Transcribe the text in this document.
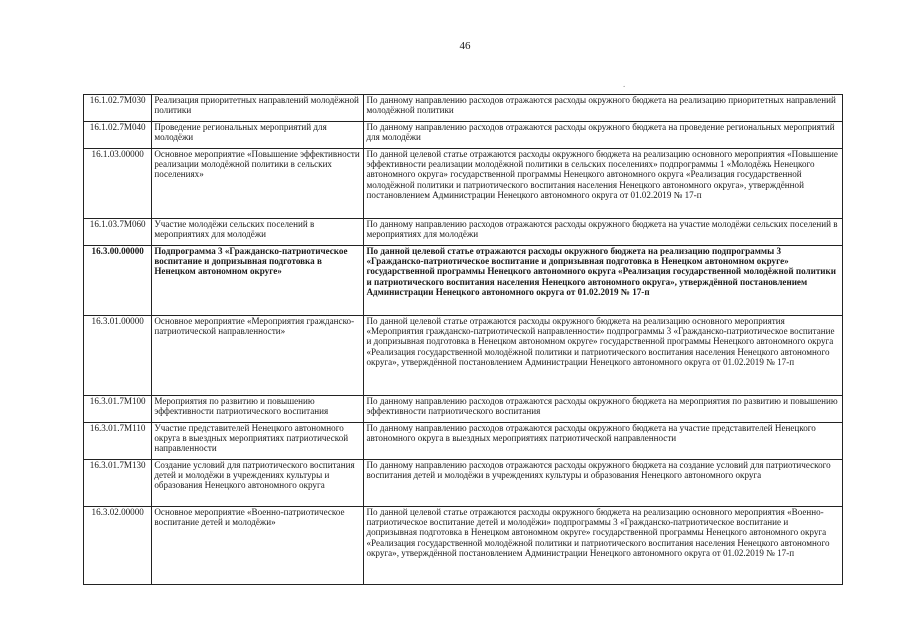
46
.
16.1.02.7М030	Реализация приоритетных направлений молодёжной политики	По данному направлению расходов отражаются расходы окружного бюджета на реализацию приоритетных направлений молодёжной политики
16.1.02.7М040	Проведение региональных мероприятий для молодёжи	По данному направлению расходов отражаются расходы окружного бюджета на проведение региональных мероприятий для молодёжи
16.1.03.00000	Основное мероприятие «Повышение эффективности реализации молодёжной политики в сельских поселениях»	По данной целевой статье отражаются расходы окружного бюджета на реализацию основного мероприятия «Повышение эффективности реализации молодёжной политики в сельских поселениях» подпрограммы 1 «Молодёжь Ненецкого автономного округа» государственной программы Ненецкого автономного округа «Реализация государственной молодёжной политики и патриотического воспитания населения Ненецкого автономного округа», утверждённой постановлением Администрации Ненецкого автономного округа от 01.02.2019 № 17-п
16.1.03.7М060	Участие молодёжи сельских поселений в мероприятиях для молодёжи	По данному направлению расходов отражаются расходы окружного бюджета на участие молодёжи сельских поселений в мероприятиях для молодёжи
16.3.00.00000	Подпрограмма 3 «Гражданско-патриотическое воспитание и допризывная подготовка в Ненецком автономном округе»	По данной целевой статье отражаются расходы окружного бюджета на реализацию подпрограммы 3 «Гражданско-патриотическое воспитание и допризывная подготовка в Ненецком автономном округе» государственной программы Ненецкого автономного округа «Реализация государственной молодёжной политики и патриотического воспитания населения Ненецкого автономного округа», утверждённой постановлением Администрации Ненецкого автономного округа от 01.02.2019 № 17-п
16.3.01.00000	Основное мероприятие «Мероприятия гражданско-патриотической направленности»	По данной целевой статье отражаются расходы окружного бюджета на реализацию основного мероприятия «Мероприятия гражданско-патриотической направленности» подпрограммы 3 «Гражданско-патриотическое воспитание и допризывная подготовка в Ненецком автономном округе» государственной программы Ненецкого автономного округа «Реализация государственной молодёжной политики и патриотического воспитания населения Ненецкого автономного округа», утверждённой постановлением Администрации Ненецкого автономного округа от 01.02.2019 № 17-п
16.3.01.7М100	Мероприятия по развитию и повышению эффективности патриотического воспитания	По данному направлению расходов отражаются расходы окружного бюджета на мероприятия по развитию и повышению эффективности патриотического воспитания
16.3.01.7М110	Участие представителей Ненецкого автономного округа в выездных мероприятиях патриотической направленности	По данному направлению расходов отражаются расходы окружного бюджета на участие представителей Ненецкого автономного округа в выездных мероприятиях патриотической направленности
16.3.01.7М130	Создание условий для патриотического воспитания детей и молодёжи в учреждениях культуры и образования Ненецкого автономного округа	По данному направлению расходов отражаются расходы окружного бюджета на создание условий для патриотического воспитания детей и молодёжи в учреждениях культуры и образования Ненецкого автономного округа
16.3.02.00000	Основное мероприятие «Военно-патриотическое воспитание детей и молодёжи»	По данной целевой статье отражаются расходы окружного бюджета на реализацию основного мероприятия «Военно-патриотическое воспитание детей и молодёжи» подпрограммы 3 «Гражданско-патриотическое воспитание и допризывная подготовка в Ненецком автономном округе» государственной программы Ненецкого автономного округа «Реализация государственной молодёжной политики и патриотического воспитания населения Ненецкого автономного округа», утверждённой постановлением Администрации Ненецкого автономного округа от 01.02.2019 № 17-п
